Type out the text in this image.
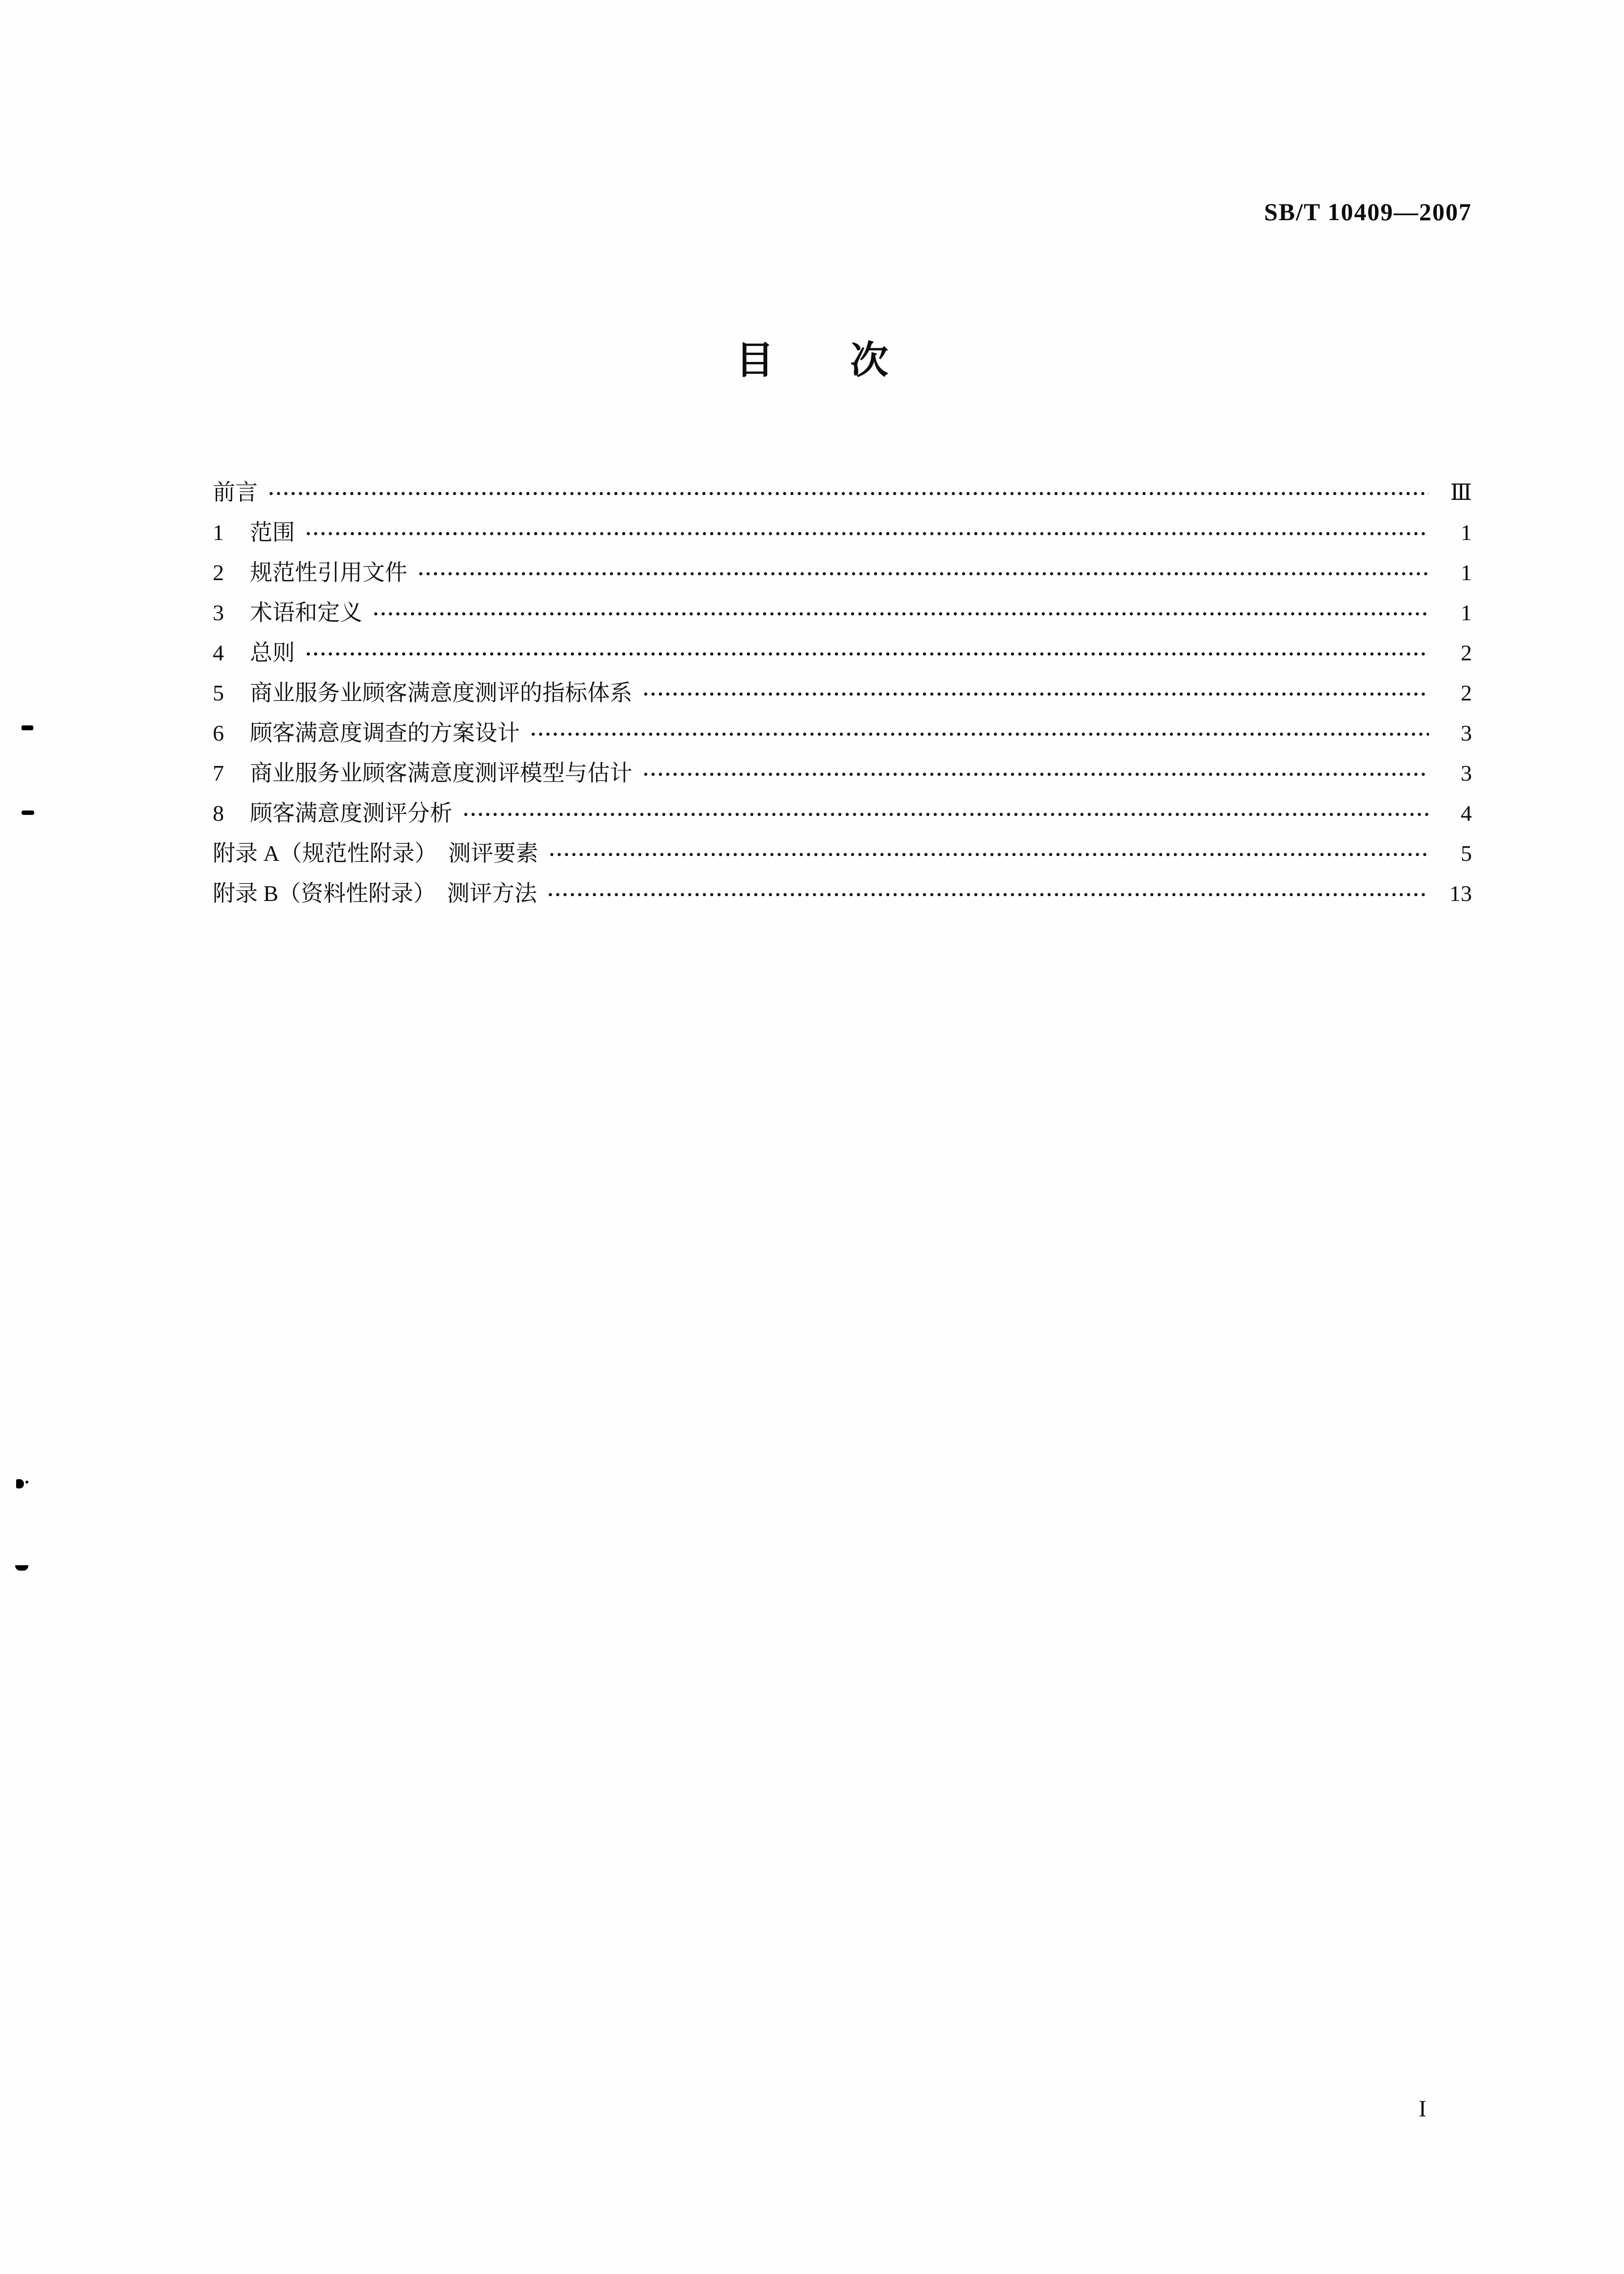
SB/T 10409—2007
目　　次
前言	Ⅲ
1	范围	1
2	规范性引用文件	1
3	术语和定义	1
4	总则	2
5	商业服务业顾客满意度测评的指标体系	2
6	顾客满意度调查的方案设计	3
7	商业服务业顾客满意度测评模型与估计	3
8	顾客满意度测评分析	4
附录 A（规范性附录）　测评要素	5
附录 B（资料性附录）　测评方法	13
I
